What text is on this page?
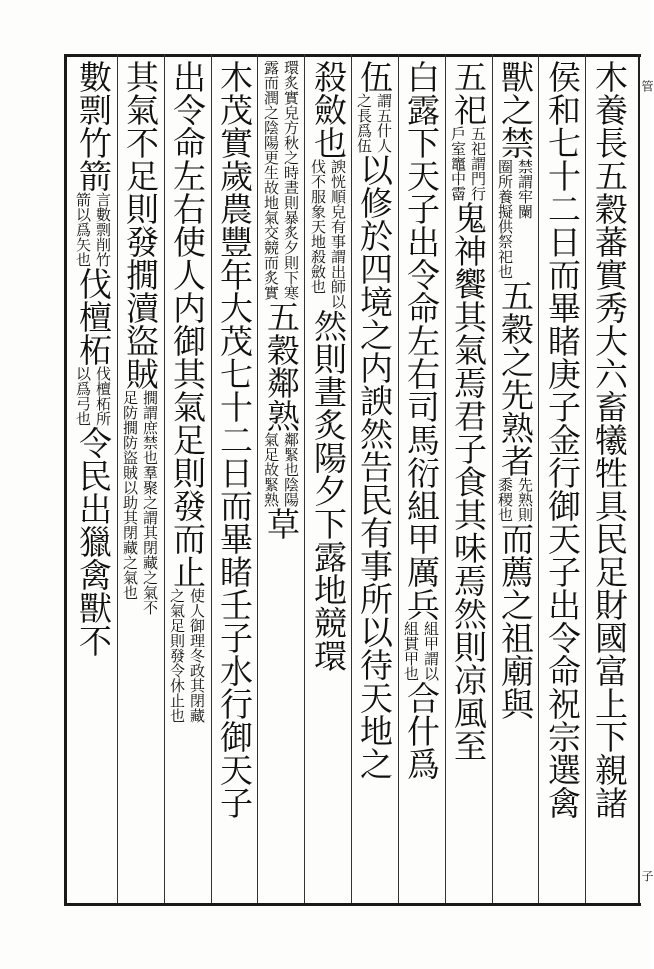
管
子
木養長五穀蕃實秀大六畜犧牲具民足財國富上下親諸
侯和七十二日而畢睹庚子金行御天子出令命祝宗選禽
獸之禁
禁謂牢闌
圈所養擬供祭祀也
五穀之先熟者
先熟則
黍稷也
而薦之祖廟與
五祀
五祀謂門行
戶室竈中霤
鬼神饗其氣焉君子食其味焉然則凉風至
白露下天子出令命左右司馬衍組甲厲兵
組甲謂以
組貫甲也
合什爲
伍
謂五什人
之長爲伍
以修於四境之内諛然告民有事所以待天地之
殺斂也
諛恍順皃有事謂出師以
伐不服象天地殺斂也
然則晝炙陽夕下露地競環
環炙實皃方秋之時晝則暴炙夕則下寒
露而潤之陰陽更生故地氣交競而炙實
五穀鄰熟
鄰緊也陰陽
氣足故緊熟
草
木茂實歲農豐年大茂七十二日而畢睹壬子水行御天子
出令命左右使人内御其氣足則發而止
使人御理冬政其閉藏
之氣足則發令休止也
其氣不足則發撊瀆盜賊
撊謂庶禁也羣聚之謂其閉藏之氣不
足防撊防盜賊以助其閉藏之氣也
數剽竹箭
言數剽削竹
箭以爲矢也
伐檀柘
伐檀柘所
以爲弓也
令民出獵禽獸不
